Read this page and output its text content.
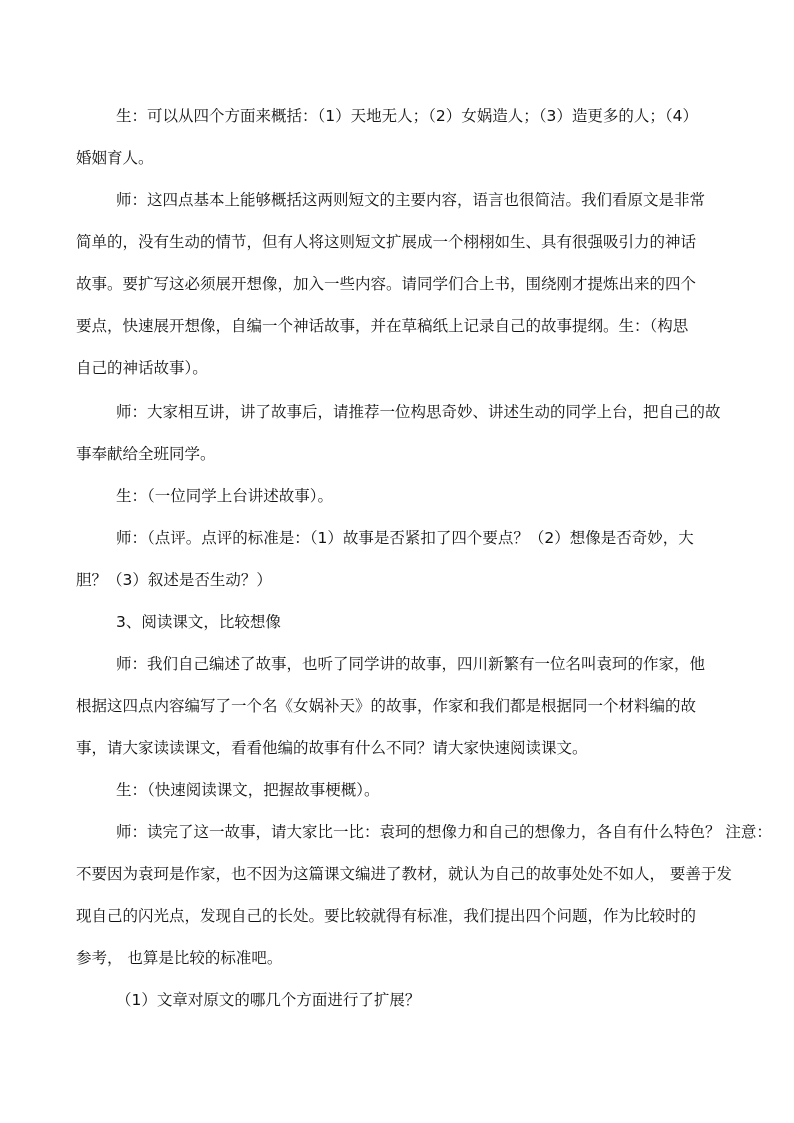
生：可以从四个方面来概括：（1）天地无人；（2）女娲造人；（3）造更多的人；（4）
婚姻育人。
师：这四点基本上能够概括这两则短文的主要内容，语言也很简洁。我们看原文是非常
简单的，没有生动的情节，但有人将这则短文扩展成一个栩栩如生、具有很强吸引力的神话
故事。要扩写这必须展开想像，加入一些内容。请同学们合上书，围绕刚才提炼出来的四个
要点，快速展开想像，自编一个神话故事，并在草稿纸上记录自己的故事提纲。生：（构思
自己的神话故事）。
师：大家相互讲，讲了故事后，请推荐一位构思奇妙、讲述生动的同学上台，把自己的故
事奉献给全班同学。
生：（一位同学上台讲述故事）。
师：（点评。点评的标准是：（1）故事是否紧扣了四个要点？（2）想像是否奇妙，大
胆？（3）叙述是否生动？）
3、阅读课文，比较想像
师：我们自己编述了故事，也听了同学讲的故事，四川新繁有一位名叫袁珂的作家，他
根据这四点内容编写了一个名《女娲补天》的故事，作家和我们都是根据同一个材料编的故
事，请大家读读课文，看看他编的故事有什么不同？请大家快速阅读课文。
生：（快速阅读课文，把握故事梗概）。
师：读完了这一故事，请大家比一比：袁珂的想像力和自己的想像力，各自有什么特色？ 注意：
不要因为袁珂是作家，也不因为这篇课文编进了教材，就认为自己的故事处处不如人， 要善于发
现自己的闪光点，发现自己的长处。要比较就得有标准，我们提出四个问题，作为比较时的
参考， 也算是比较的标准吧。
（1）文章对原文的哪几个方面进行了扩展？
